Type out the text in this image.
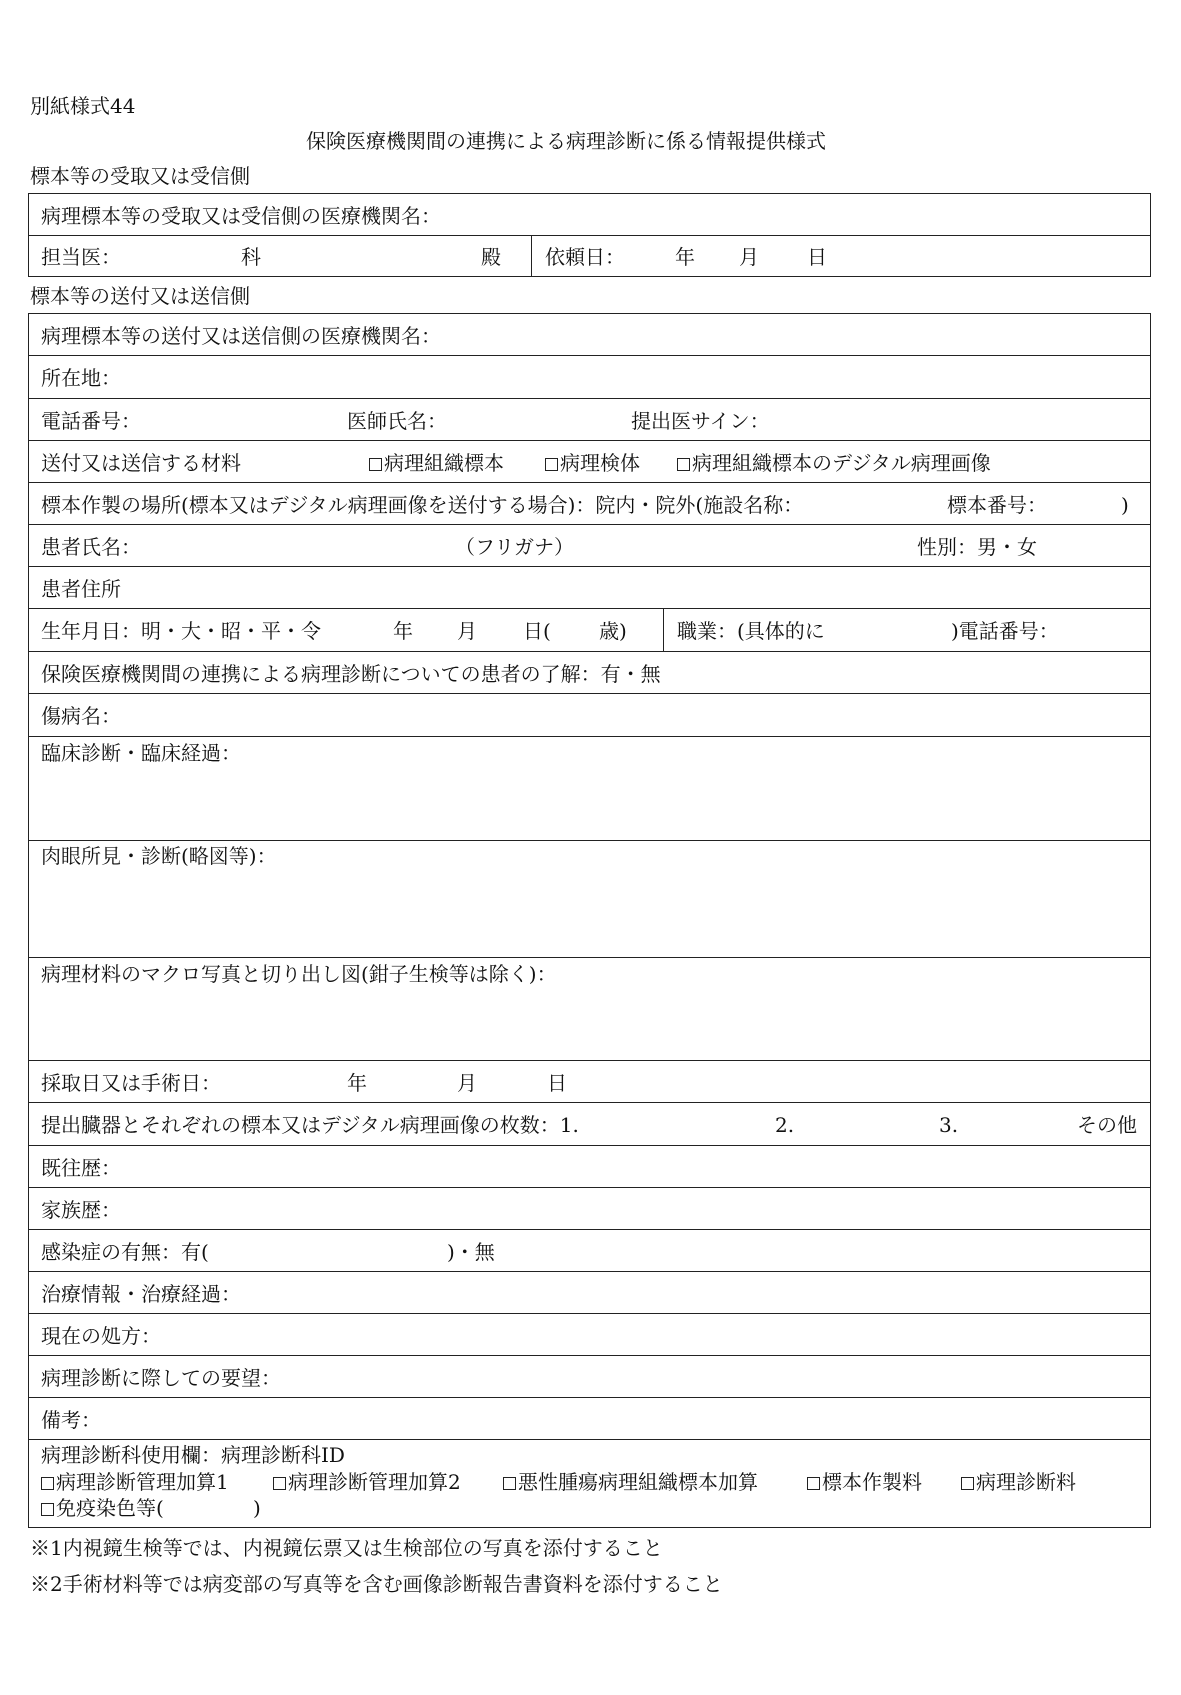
別紙様式44
保険医療機関間の連携による病理診断に係る情報提供様式
標本等の受取又は受信側
病理標本等の受取又は受信側の医療機関名：
担当医：	科	殿 依頼日：	年 月 日
標本等の送付又は送信側
病理標本等の送付又は送信側の医療機関名：
所在地：
電話番号：	医師氏名：	提出医サイン：
送付又は送信する材料	病理組織標本	病理検体	病理組織標本のデジタル病理画像
標本作製の場所(標本又はデジタル病理画像を送付する場合)：院内・院外(施設名称：	標本番号：	)
患者氏名：	（フリガナ）	性別：男・女
患者住所
生年月日：明・大・昭・平・令	年 月 日( 歳)	職業：(具体的に	)電話番号：
保険医療機関間の連携による病理診断についての患者の了解：有・無
傷病名：
臨床診断・臨床経過：
肉眼所見・診断(略図等)：
病理材料のマクロ写真と切り出し図(鉗子生検等は除く)：
採取日又は手術日：	年	月	日
提出臓器とそれぞれの標本又はデジタル病理画像の枚数：1.	2.	3.	その他
既往歴：
家族歴：
感染症の有無：有(	)・無
治療情報・治療経過：
現在の処方：
病理診断に際しての要望：
備考：
病理診断科使用欄：病理診断科ID
病理診断管理加算1	病理診断管理加算2	悪性腫瘍病理組織標本加算	標本作製料	病理診断料
免疫染色等(	)
※1内視鏡生検等では、内視鏡伝票又は生検部位の写真を添付すること
※2手術材料等では病変部の写真等を含む画像診断報告書資料を添付すること
